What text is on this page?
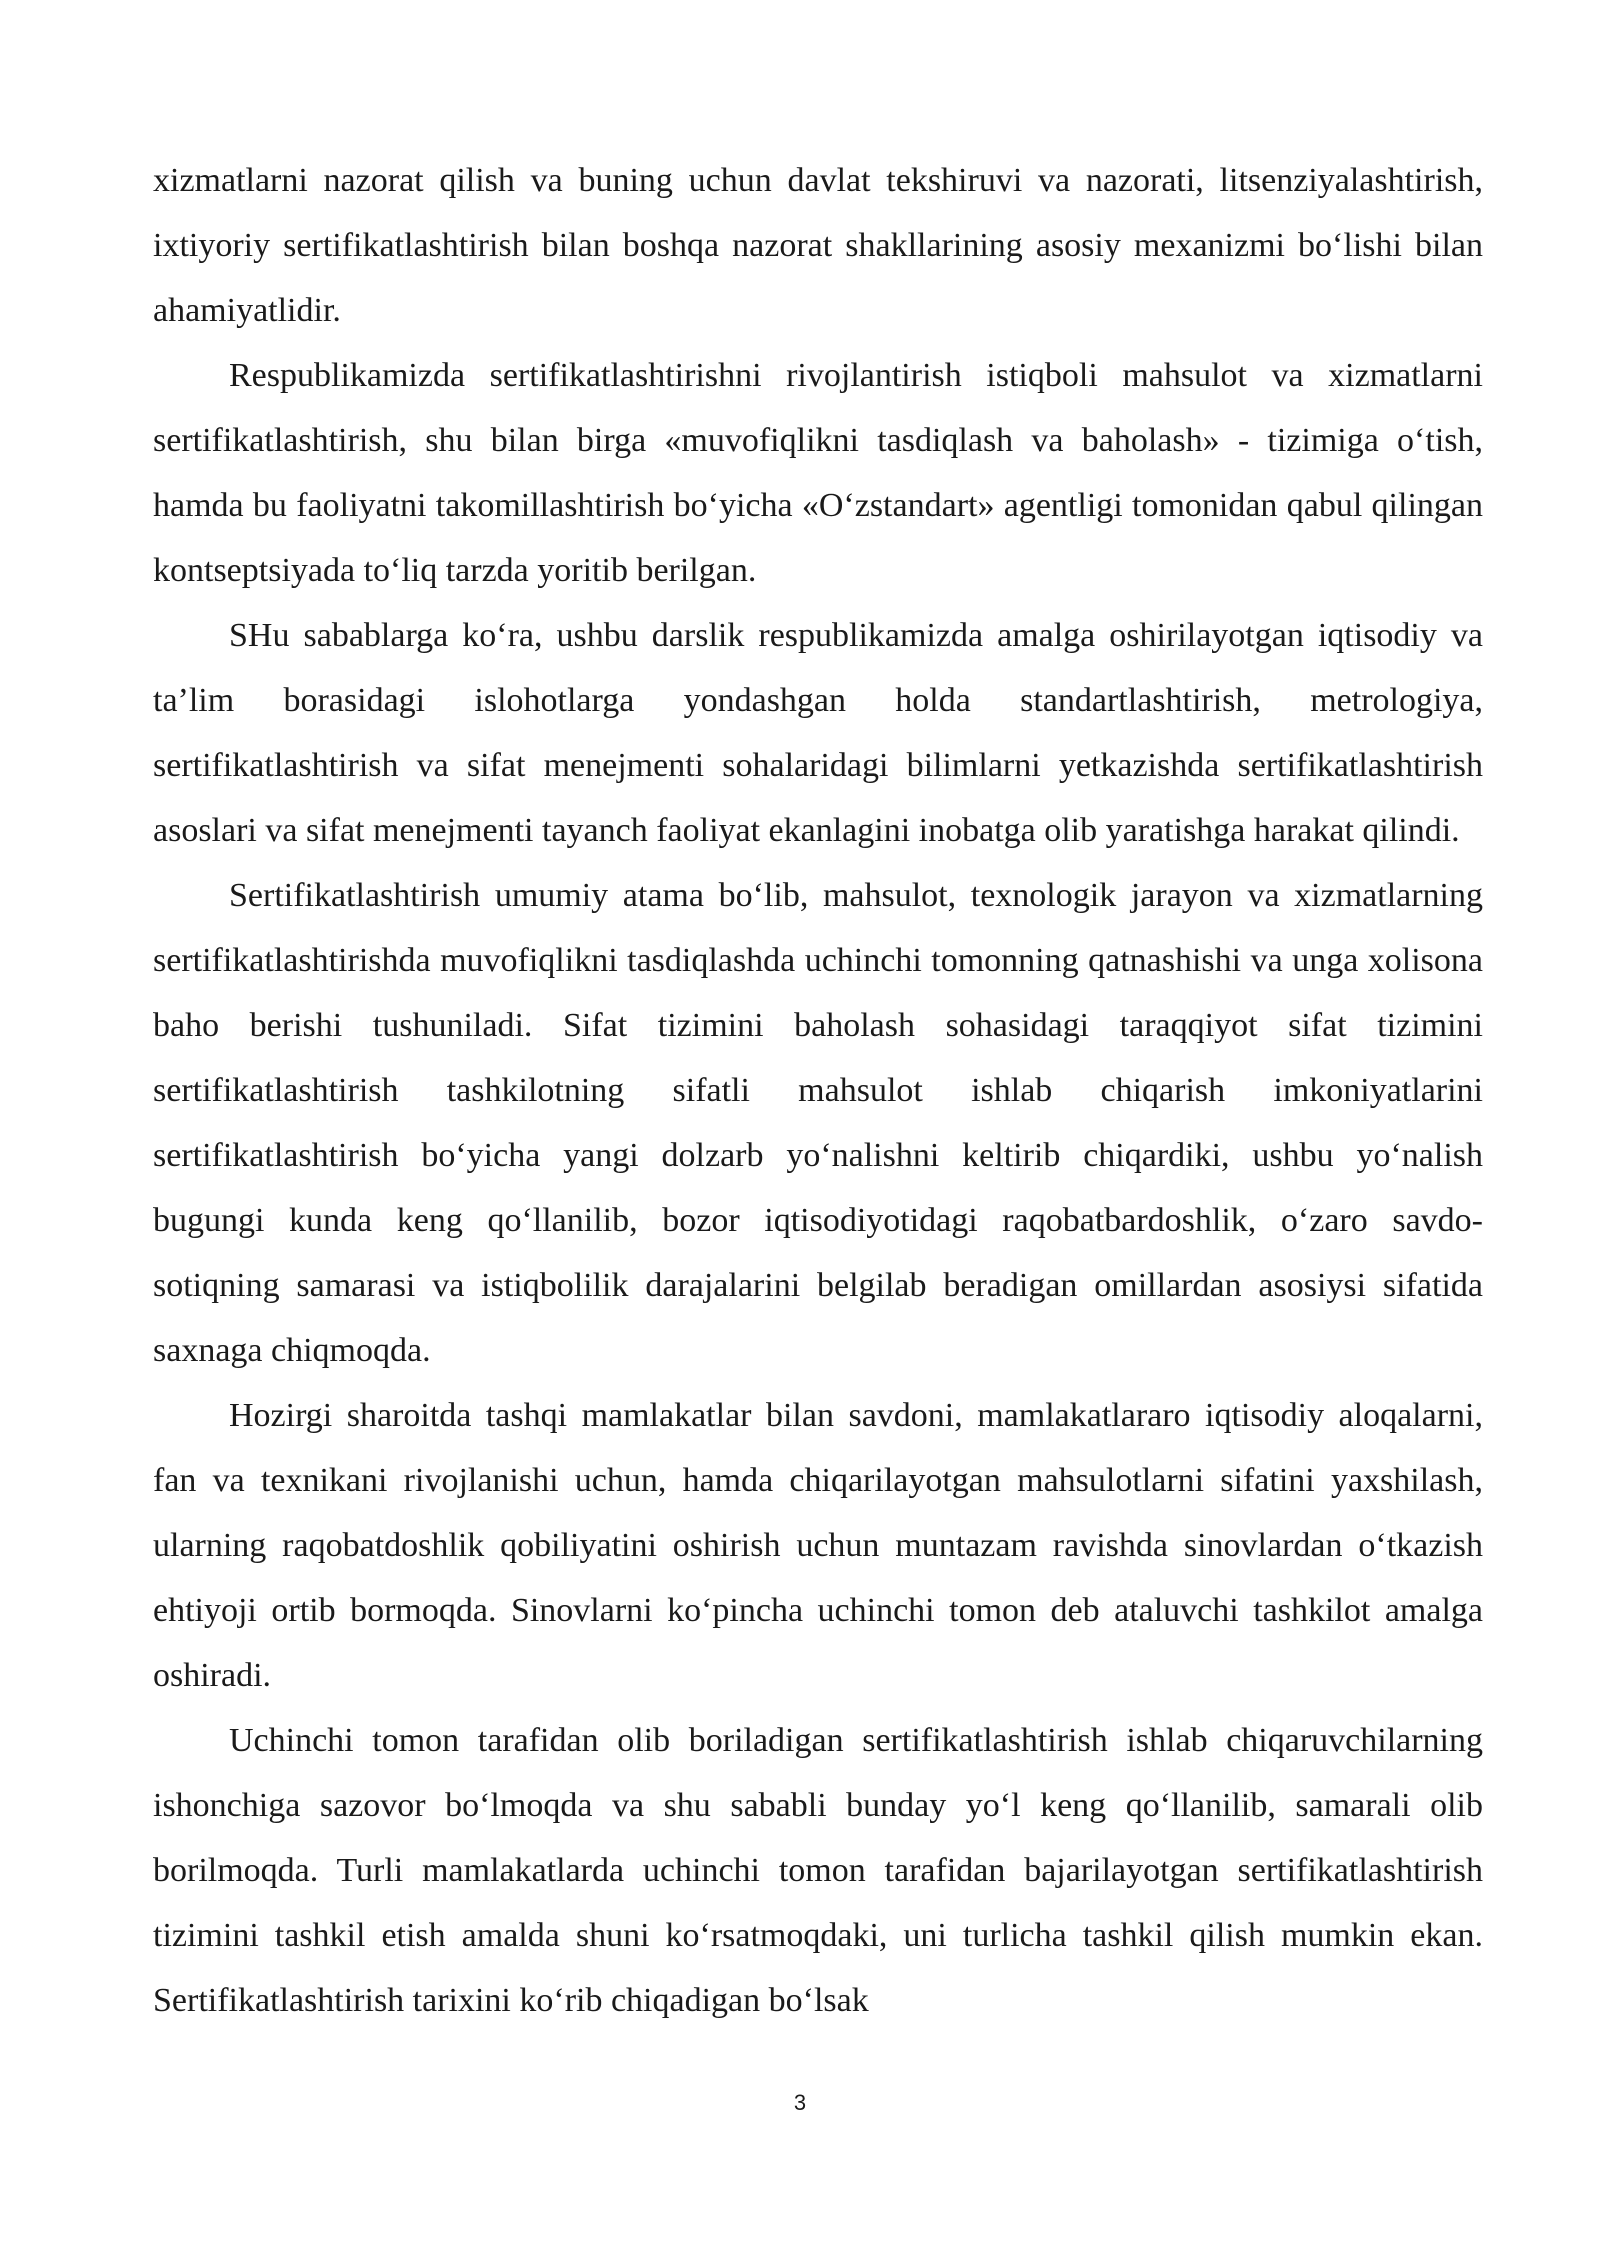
xizmatlarni nazorat qilish va buning uchun davlat tekshiruvi va nazorati, litsenziyalashtirish, ixtiyoriy sertifikatlashtirish bilan boshqa nazorat shakllarining asosiy mexanizmi bo‘lishi bilan ahamiyatlidir.

Respublikamizda sertifikatlashtirishni rivojlantirish istiqboli mahsulot va xizmatlarni sertifikatlashtirish, shu bilan birga «muvofiqlikni tasdiqlash va baholash» - tizimiga o‘tish, hamda bu faoliyatni takomillashtirish bo‘yicha «O‘zstandart» agentligi tomonidan qabul qilingan kontseptsiyada to‘liq tarzda yoritib berilgan.

SHu sabablarga ko‘ra, ushbu darslik respublikamizda amalga oshirilayotgan iqtisodiy va ta’lim borasidagi islohotlarga yondashgan holda standartlashtirish, metrologiya, sertifikatlashtirish va sifat menejmenti sohalaridagi bilimlarni yetkazishda sertifikatlashtirish asoslari va sifat menejmenti tayanch faoliyat ekanlagini inobatga olib yaratishga harakat qilindi.

Sertifikatlashtirish umumiy atama bo‘lib, mahsulot, texnologik jarayon va xizmatlarning sertifikatlashtirishda muvofiqlikni tasdiqlashda uchinchi tomonning qatnashishi va unga xolisona baho berishi tushuniladi. Sifat tizimini baholash sohasidagi taraqqiyot sifat tizimini sertifikatlashtirish tashkilotning sifatli mahsulot ishlab chiqarish imkoniyatlarini sertifikatlashtirish bo‘yicha yangi dolzarb yo‘nalishni keltirib chiqardiki, ushbu yo‘nalish bugungi kunda keng qo‘llanilib, bozor iqtisodiyotidagi raqobatbardoshlik, o‘zaro savdo- sotiqning samarasi va istiqbolilik darajalarini belgilab beradigan omillardan asosiysi sifatida saxnaga chiqmoqda.

Hozirgi sharoitda tashqi mamlakatlar bilan savdoni, mamlakatlararo iqtisodiy aloqalarni, fan va texnikani rivojlanishi uchun, hamda chiqarilayotgan mahsulotlarni sifatini yaxshilash, ularning raqobatdoshlik qobiliyatini oshirish uchun muntazam ravishda sinovlardan o‘tkazish ehtiyoji ortib bormoqda. Sinovlarni ko‘pincha uchinchi tomon deb ataluvchi tashkilot amalga oshiradi.

Uchinchi tomon tarafidan olib boriladigan sertifikatlashtirish ishlab chiqaruvchilarning ishonchiga sazovor bo‘lmoqda va shu sababli bunday yo‘l keng qo‘llanilib, samarali olib borilmoqda. Turli mamlakatlarda uchinchi tomon tarafidan bajarilayotgan sertifikatlashtirish tizimini tashkil etish amalda shuni ko‘rsatmoqdaki, uni turlicha tashkil qilish mumkin ekan. Sertifikatlashtirish tarixini ko‘rib chiqadigan bo‘lsak

3
